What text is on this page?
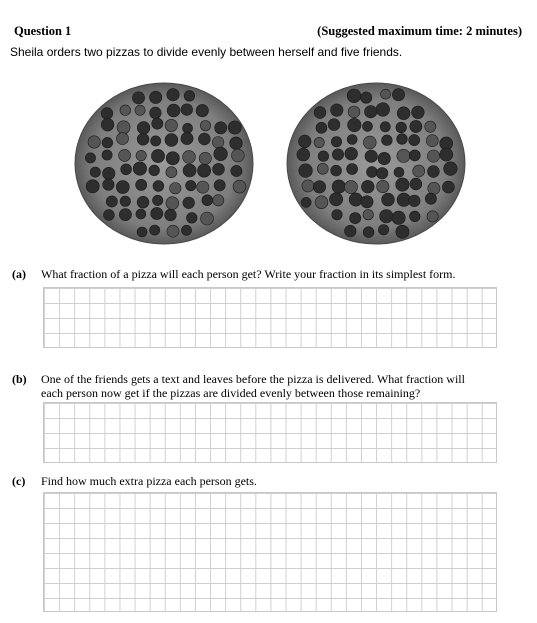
Question 1	(Suggested maximum time: 2 minutes)
Sheila orders two pizzas to divide evenly between herself and five friends.
(a) What fraction of a pizza will each person get? Write your fraction in its simplest form.
(b) One of the friends gets a text and leaves before the pizza is delivered. What fraction will
each person now get if the pizzas are divided evenly between those remaining?
(c) Find how much extra pizza each person gets.
